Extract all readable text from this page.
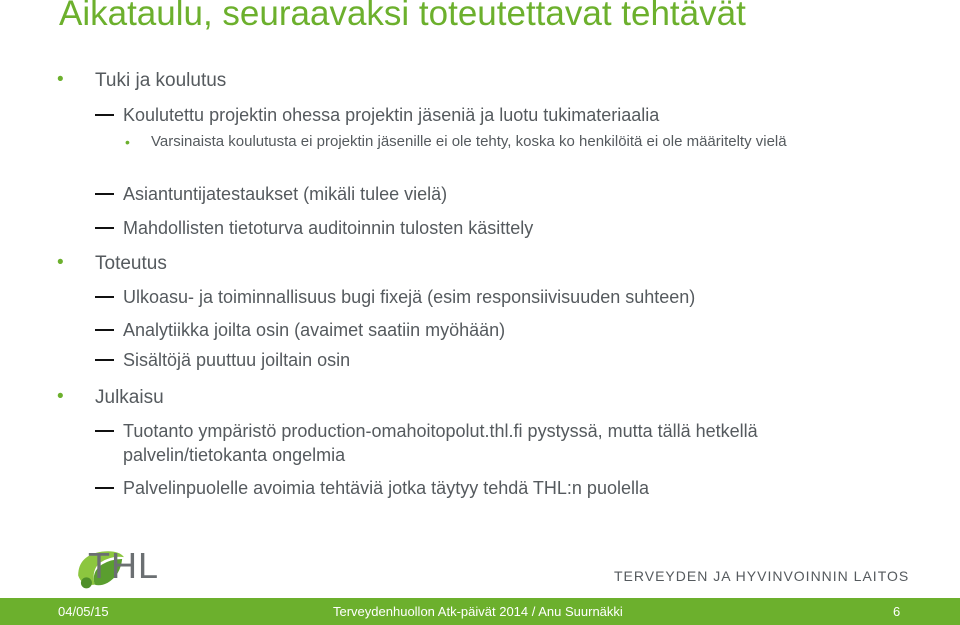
Aikataulu, seuraavaksi toteutettavat tehtävät
• Tuki ja koulutus
Koulutettu projektin ohessa projektin jäseniä ja luotu tukimateriaalia
• Varsinaista koulutusta ei projektin jäsenille ei ole tehty, koska ko henkilöitä ei ole määritelty vielä
Asiantuntijatestaukset (mikäli tulee vielä)
Mahdollisten tietoturva auditoinnin tulosten käsittely
• Toteutus
Ulkoasu- ja toiminnallisuus bugi fixejä (esim responsiivisuuden suhteen)
Analytiikka joilta osin (avaimet saatiin myöhään)
Sisältöjä puuttuu joiltain osin
• Julkaisu
Tuotanto ympäristö production-omahoitopolut.thl.fi pystyssä, mutta tällä hetkellä
palvelin/tietokanta ongelmia
Palvelinpuolelle avoimia tehtäviä jotka täytyy tehdä THL:n puolella
THL	TERVEYDEN JA HYVINVOINNIN LAITOS
04/05/15	Terveydenhuollon Atk-päivät 2014 / Anu Suurnäkki	6
